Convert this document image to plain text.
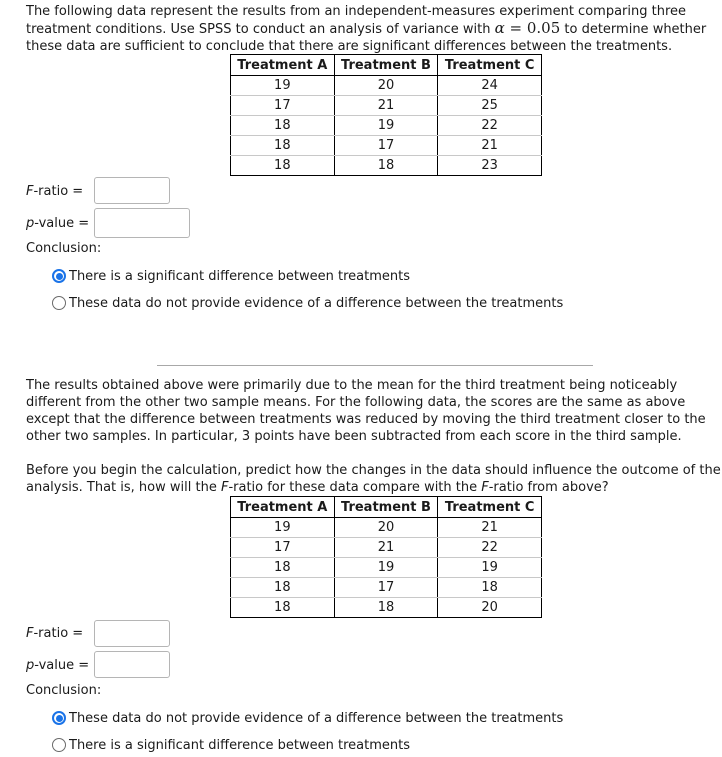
The following data represent the results from an independent-measures experiment comparing three treatment conditions. Use SPSS to conduct an analysis of variance with α = 0.05 to determine whether these data are sufficient to conclude that there are significant differences between the treatments.

Treatment A	Treatment B	Treatment C
19	20	24
17	21	25
18	19	22
18	17	21
18	18	23
F-ratio =
p-value =
Conclusion:
There is a significant difference between treatments
These data do not provide evidence of a difference between the treatments

The results obtained above were primarily due to the mean for the third treatment being noticeably different from the other two sample means. For the following data, the scores are the same as above except that the difference between treatments was reduced by moving the third treatment closer to the other two samples. In particular, 3 points have been subtracted from each score in the third sample.

Before you begin the calculation, predict how the changes in the data should influence the outcome of the analysis. That is, how will the F-ratio for these data compare with the F-ratio from above?

Treatment A	Treatment B	Treatment C
19	20	21
17	21	22
18	19	19
18	17	18
18	18	20
F-ratio =
p-value =
Conclusion:
These data do not provide evidence of a difference between the treatments
There is a significant difference between treatments
